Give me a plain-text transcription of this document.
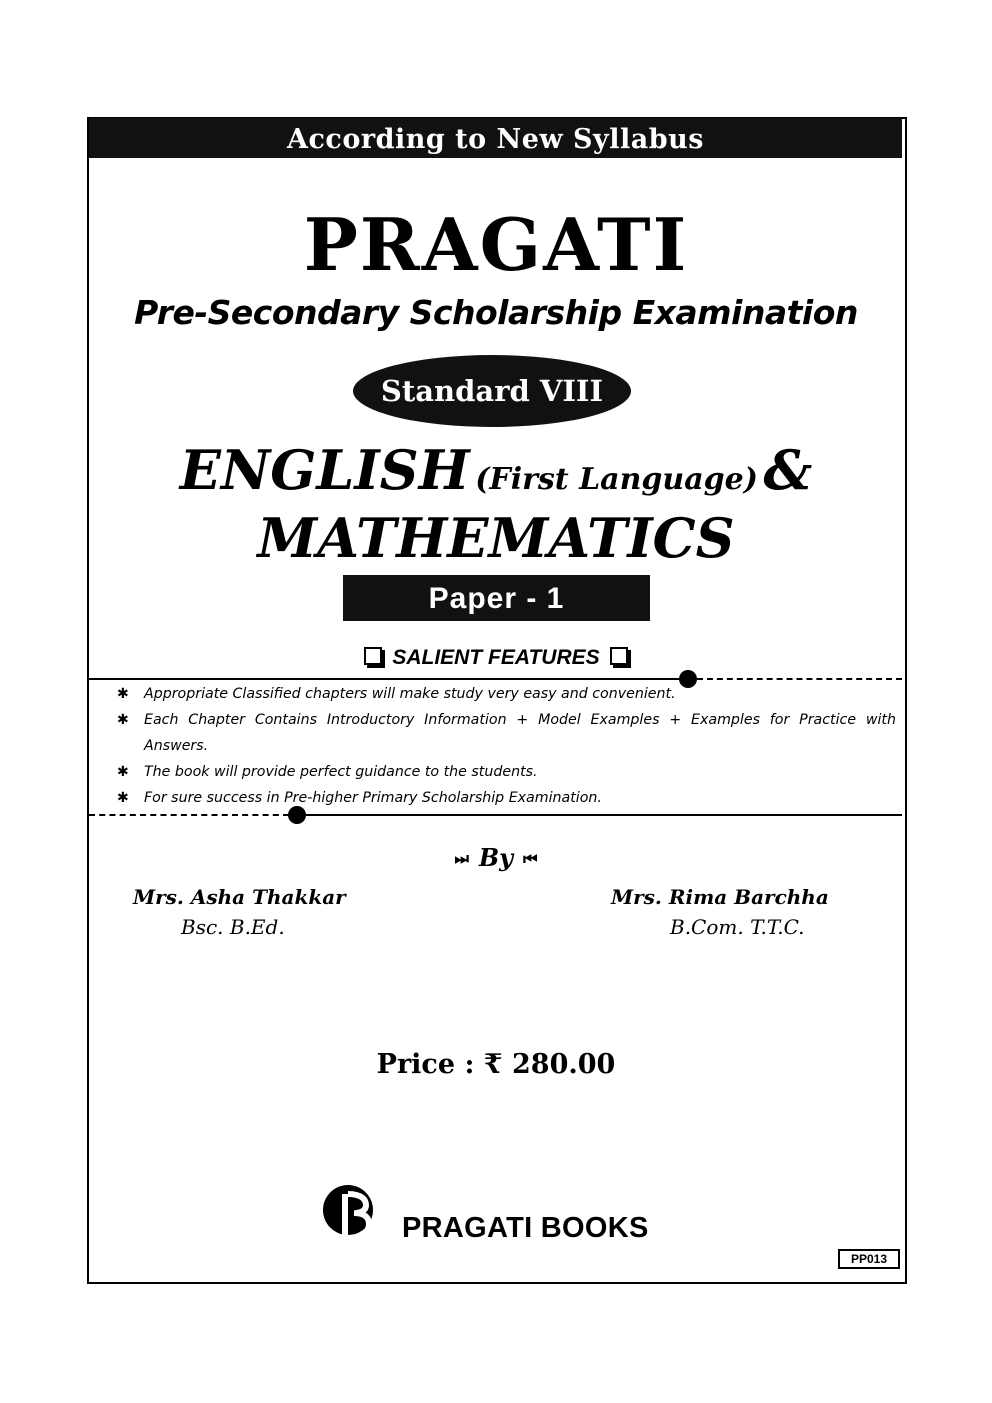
According to New Syllabus
PRAGATI
Pre-Secondary Scholarship Examination
Standard VIII
ENGLISH (First Language) &
MATHEMATICS
Paper - 1
SALIENT FEATURES
✱ Appropriate Classified chapters will make study very easy and convenient.
✱ Each Chapter Contains Introductory Information + Model Examples + Examples for Practice with Answers.
✱ The book will provide perfect guidance to the students.
✱ For sure success in Pre-higher Primary Scholarship Examination.
⏭ By ⏮
Mrs. Asha Thakkar
Bsc. B.Ed.
Mrs. Rima Barchha
B.Com. T.T.C.
Price : ₹ 280.00
PRAGATI BOOKS
PP013
